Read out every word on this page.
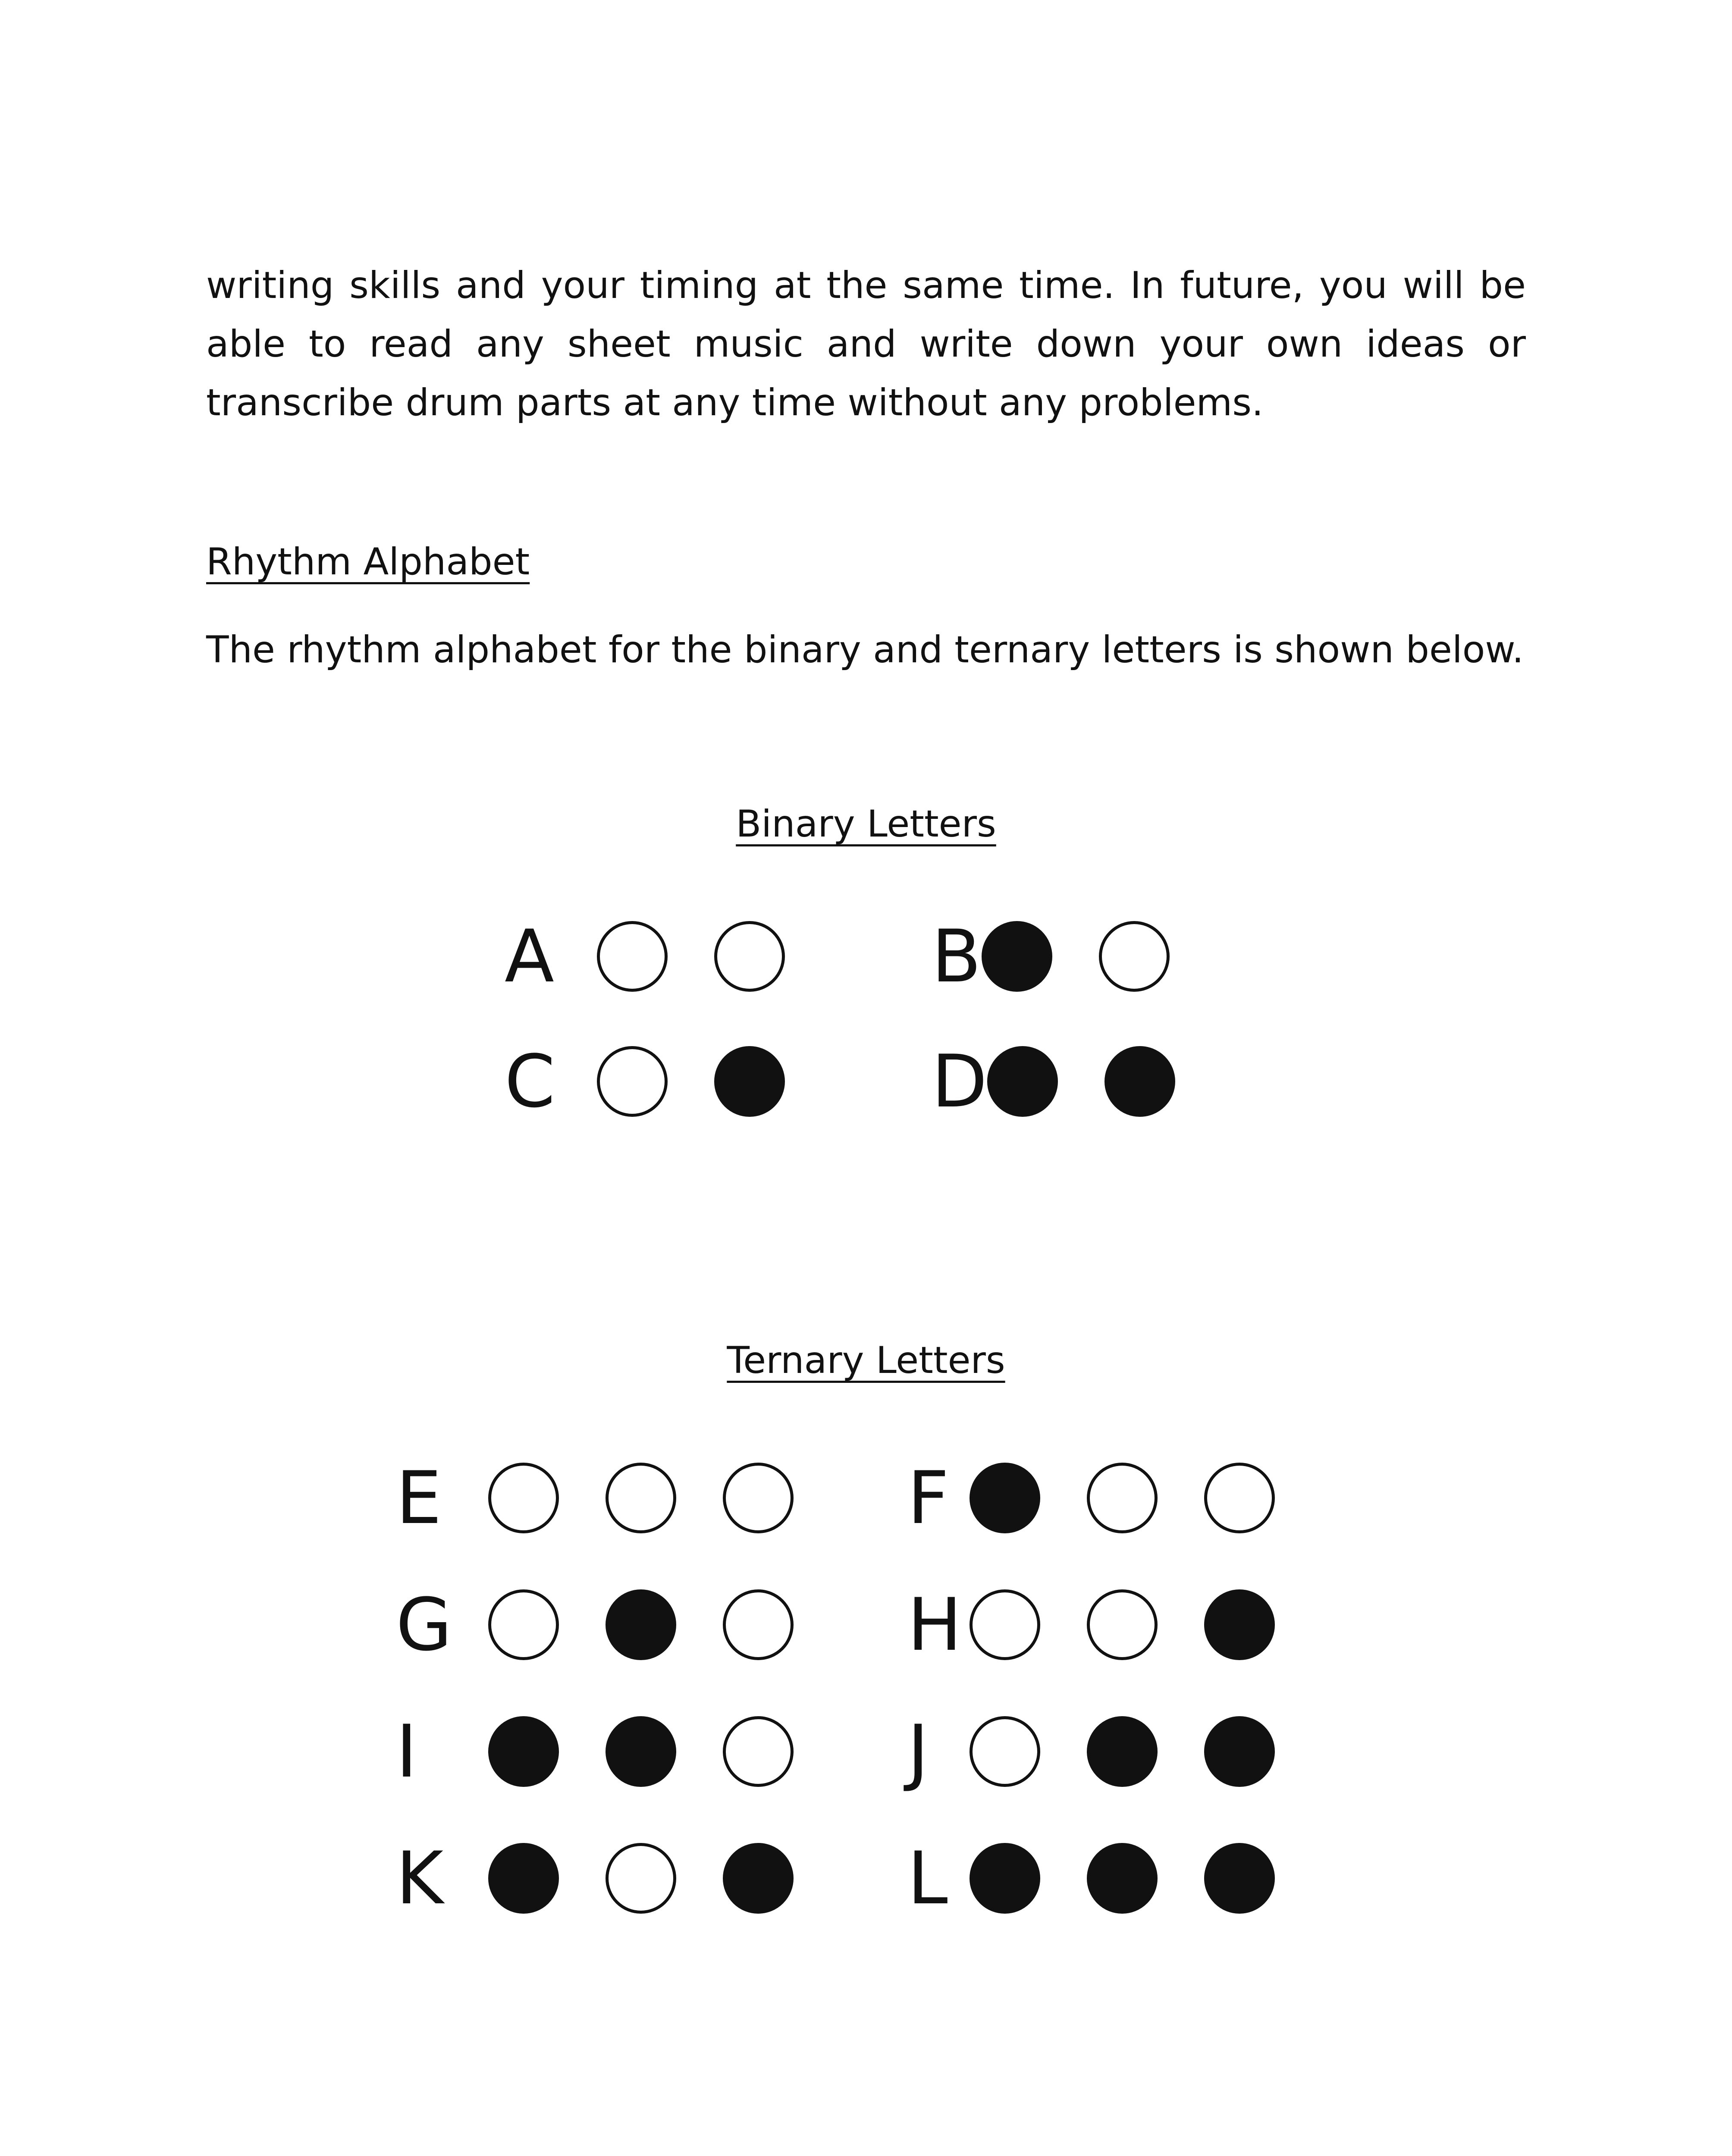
writing skills and your timing at the same time. In future, you will be able to read any sheet music and write down your own ideas or transcribe drum parts at any time without any problems.
Rhythm Alphabet
The rhythm alphabet for the binary and ternary letters is shown below.
Binary Letters
A	B
C	D
Ternary Letters
E	F
G	H
I	J
K	L
